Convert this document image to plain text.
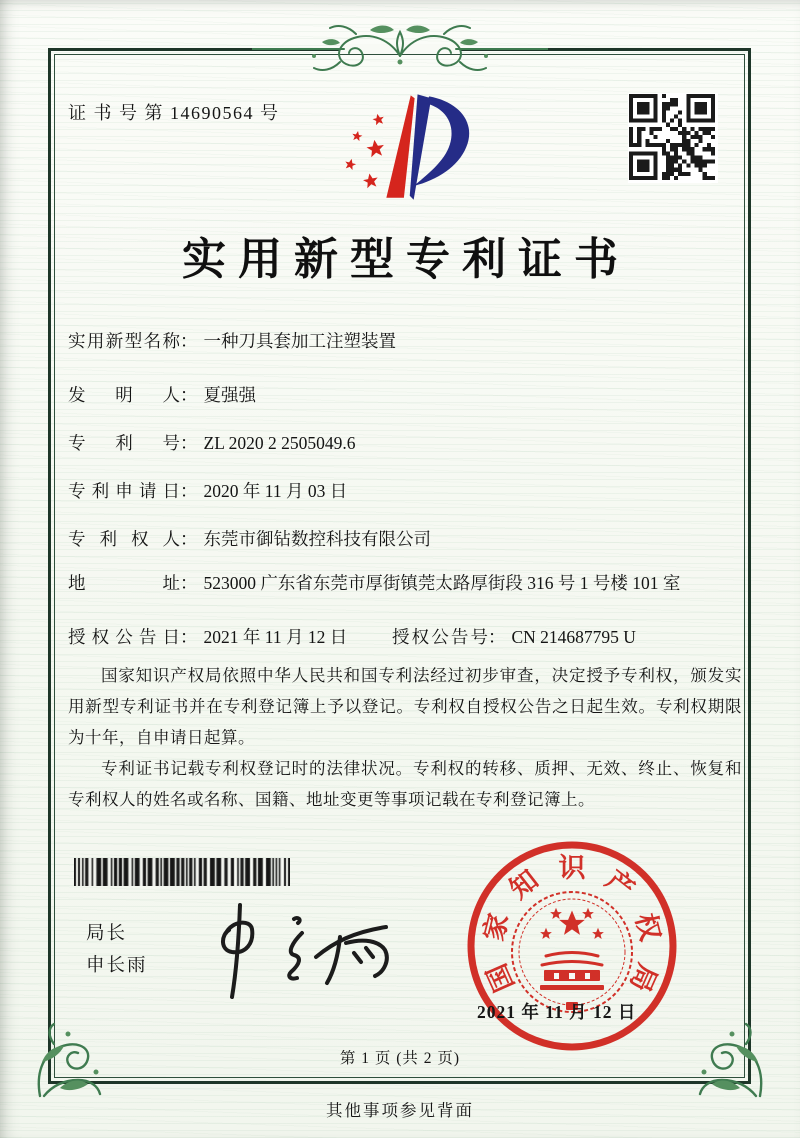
证 书 号 第 14690564 号
实用新型专利证书
实用新型名称 ： 一种刀具套加工注塑装置
发明人 ： 夏强强
专利号 ： ZL 2020 2 2505049.6
专利申请日 ： 2020 年 11 月 03 日
专利权人 ： 东莞市御钻数控科技有限公司
地址 ： 523000 广东省东莞市厚街镇莞太路厚街段 316 号 1 号楼 101 室
授权公告日 ： 2021 年 11 月 12 日	授权公告号 ： CN 214687795 U

国家知识产权局依照中华人民共和国专利法经过初步审查，决定授予专利权，颁发实用新型专利证书并在专利登记簿上予以登记。专利权自授权公告之日起生效。专利权期限为十年，自申请日起算。

专利证书记载专利权登记时的法律状况。专利权的转移、质押、无效、终止、恢复和专利权人的姓名或名称、国籍、地址变更等事项记载在专利登记簿上。

局长
申长雨	国
家
知 识 产
权
局
2021 年 11 月 12 日
第 1 页 (共 2 页)
其他事项参见背面
